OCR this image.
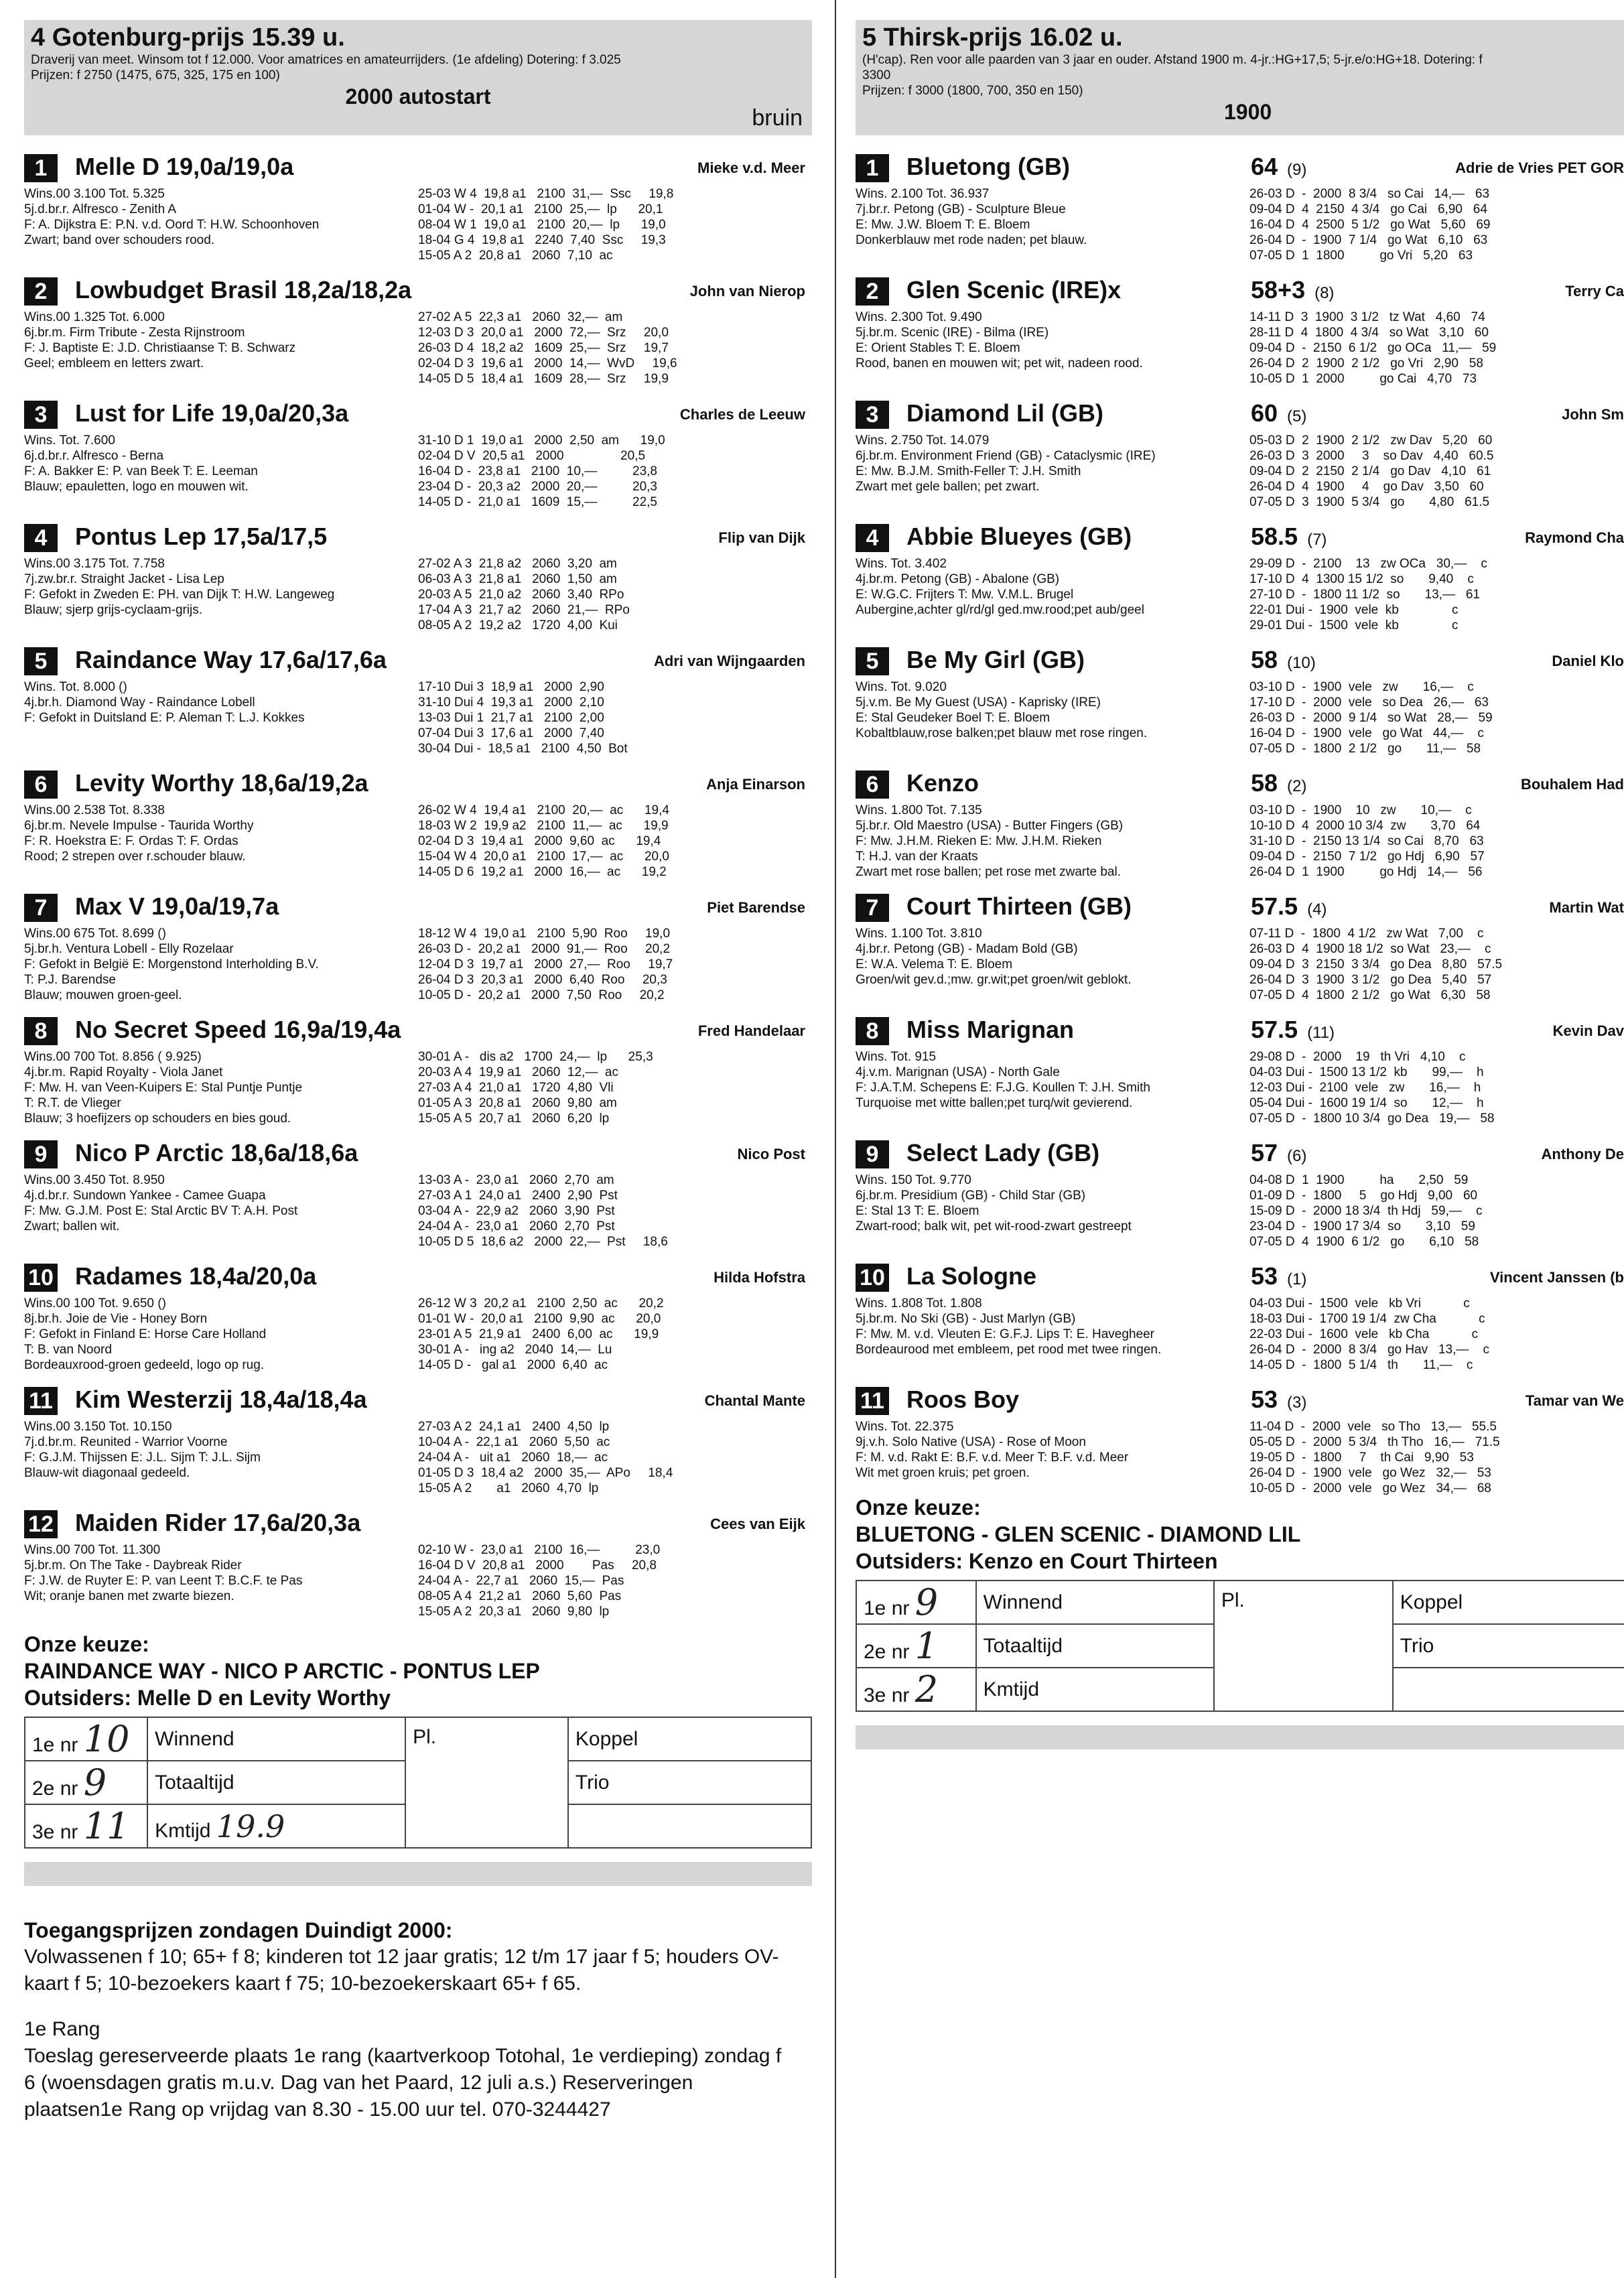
4 Gotenburg-prijs 15.39 u.
Draverij van meet. Winsom tot f 12.000. Voor amatrices en amateurrijders. (1e afdeling) Dotering: f 3.025
Prijzen: f 2750 (1475, 675, 325, 175 en 100)
2000 autostart
bruin
1	Melle D 19,0a/19,0a	Mieke v.d. Meer
Wins.00 3.100 Tot. 5.325
5j.d.br.r. Alfresco - Zenith A
F: A. Dijkstra E: P.N. v.d. Oord T: H.W. Schoonhoven
Zwart; band over schouders rood.
25-03 W 4  19,8 a1   2100  31,—  Ssc     19,8
01-04 W -  20,1 a1   2100  25,—  lp      20,1
08-04 W 1  19,0 a1   2100  20,—  lp      19,0
18-04 G 4  19,8 a1   2240  7,40  Ssc     19,3
15-05 A 2  20,8 a1   2060  7,10  ac
2	Lowbudget Brasil 18,2a/18,2a	John van Nierop
Wins.00 1.325 Tot. 6.000
6j.br.m. Firm Tribute - Zesta Rijnstroom
F: J. Baptiste E: J.D. Christiaanse T: B. Schwarz
Geel; embleem en letters zwart.
27-02 A 5  22,3 a1   2060  32,—  am
12-03 D 3  20,0 a1   2000  72,—  Srz     20,0
26-03 D 4  18,2 a2   1609  25,—  Srz     19,7
02-04 D 3  19,6 a1   2000  14,—  WvD     19,6
14-05 D 5  18,4 a1   1609  28,—  Srz     19,9
3	Lust for Life 19,0a/20,3a	Charles de Leeuw
Wins. Tot. 7.600
6j.d.br.r. Alfresco - Berna
F: A. Bakker E: P. van Beek T: E. Leeman
Blauw; epauletten, logo en mouwen wit.
31-10 D 1  19,0 a1   2000  2,50  am      19,0
02-04 D V  20,5 a1   2000                20,5
16-04 D -  23,8 a1   2100  10,—          23,8
23-04 D -  20,3 a2   2000  20,—          20,3
14-05 D -  21,0 a1   1609  15,—          22,5
4	Pontus Lep 17,5a/17,5	Flip van Dijk
Wins.00 3.175 Tot. 7.758
7j.zw.br.r. Straight Jacket - Lisa Lep
F: Gefokt in Zweden E: PH. van Dijk T: H.W. Langeweg
Blauw; sjerp grijs-cyclaam-grijs.
27-02 A 3  21,8 a2   2060  3,20  am
06-03 A 3  21,8 a1   2060  1,50  am
20-03 A 5  21,0 a2   2060  3,40  RPo
17-04 A 3  21,7 a2   2060  21,—  RPo
08-05 A 2  19,2 a2   1720  4,00  Kui
5	Raindance Way 17,6a/17,6a	Adri van Wijngaarden
Wins. Tot. 8.000 ()
4j.br.h. Diamond Way - Raindance Lobell
F: Gefokt in Duitsland E: P. Aleman T: L.J. Kokkes
17-10 Dui 3  18,9 a1   2000  2,90
31-10 Dui 4  19,3 a1   2000  2,10
13-03 Dui 1  21,7 a1   2100  2,00
07-04 Dui 3  17,6 a1   2000  7,40
30-04 Dui -  18,5 a1   2100  4,50  Bot
6	Levity Worthy 18,6a/19,2a	Anja Einarson
Wins.00 2.538 Tot. 8.338
6j.br.m. Nevele Impulse - Taurida Worthy
F: R. Hoekstra E: F. Ordas T: F. Ordas
Rood; 2 strepen over r.schouder blauw.
26-02 W 4  19,4 a1   2100  20,—  ac      19,4
18-03 W 2  19,9 a2   2100  11,—  ac      19,9
02-04 D 3  19,4 a1   2000  9,60  ac      19,4
15-04 W 4  20,0 a1   2100  17,—  ac      20,0
14-05 D 6  19,2 a1   2000  16,—  ac      19,2
7	Max V 19,0a/19,7a	Piet Barendse
Wins.00 675 Tot. 8.699 ()
5j.br.h. Ventura Lobell - Elly Rozelaar
F: Gefokt in België E: Morgenstond Interholding B.V.
T: P.J. Barendse
Blauw; mouwen groen-geel.
18-12 W 4  19,0 a1   2100  5,90  Roo     19,0
26-03 D -  20,2 a1   2000  91,—  Roo     20,2
12-04 D 3  19,7 a1   2000  27,—  Roo     19,7
26-04 D 3  20,3 a1   2000  6,40  Roo     20,3
10-05 D -  20,2 a1   2000  7,50  Roo     20,2
8	No Secret Speed 16,9a/19,4a	Fred Handelaar
Wins.00 700 Tot. 8.856 ( 9.925)
4j.br.m. Rapid Royalty - Viola Janet
F: Mw. H. van Veen-Kuipers E: Stal Puntje Puntje
T: R.T. de Vlieger
Blauw; 3 hoefijzers op schouders en bies goud.
30-01 A -   dis a2   1700  24,—  lp      25,3
20-03 A 4  19,9 a1   2060  12,—  ac
27-03 A 4  21,0 a1   1720  4,80  Vli
01-05 A 3  20,8 a1   2060  9,80  am
15-05 A 5  20,7 a1   2060  6,20  lp
9	Nico P Arctic 18,6a/18,6a	Nico Post
Wins.00 3.450 Tot. 8.950
4j.d.br.r. Sundown Yankee - Camee Guapa
F: Mw. G.J.M. Post E: Stal Arctic BV T: A.H. Post
Zwart; ballen wit.
13-03 A -  23,0 a1   2060  2,70  am
27-03 A 1  24,0 a1   2400  2,90  Pst
03-04 A -  22,9 a2   2060  3,90  Pst
24-04 A -  23,0 a1   2060  2,70  Pst
10-05 D 5  18,6 a2   2000  22,—  Pst     18,6
10 Radames 18,4a/20,0a	Hilda Hofstra
Wins.00 100 Tot. 9.650 ()
8j.br.h. Joie de Vie - Honey Born
F: Gefokt in Finland E: Horse Care Holland
T: B. van Noord
Bordeauxrood-groen gedeeld, logo op rug.
26-12 W 3  20,2 a1   2100  2,50  ac      20,2
01-01 W -  20,0 a1   2100  9,90  ac      20,0
23-01 A 5  21,9 a1   2400  6,00  ac      19,9
30-01 A -   ing a2   2040  14,—  Lu
14-05 D -   gal a1   2000  6,40  ac
11 Kim Westerzij 18,4a/18,4a	Chantal Mante
Wins.00 3.150 Tot. 10.150
7j.d.br.m. Reunited - Warrior Voorne
F: G.J.M. Thijssen E: J.L. Sijm T: J.L. Sijm
Blauw-wit diagonaal gedeeld.
27-03 A 2  24,1 a1   2400  4,50  lp
10-04 A -  22,1 a1   2060  5,50  ac
24-04 A -   uit a1   2060  18,—  ac
01-05 D 3  18,4 a2   2000  35,—  APo     18,4
15-05 A 2       a1   2060  4,70  lp
12 Maiden Rider 17,6a/20,3a	Cees van Eijk
Wins.00 700 Tot. 11.300
5j.br.m. On The Take - Daybreak Rider
F: J.W. de Ruyter E: P. van Leent T: B.C.F. te Pas
Wit; oranje banen met zwarte biezen.
02-10 W -  23,0 a1   2100  16,—          23,0
16-04 D V  20,8 a1   2000        Pas     20,8
24-04 A -  22,7 a1   2060  15,—  Pas
08-05 A 4  21,2 a1   2060  5,60  Pas
15-05 A 2  20,3 a1   2060  9,80  lp
Onze keuze:
RAINDANCE WAY - NICO P ARCTIC - PONTUS LEP
Outsiders: Melle D en Levity Worthy
1e nr 10	Winnend	Pl.	Koppel
2e nr 9	Totaaltijd		Trio
3e nr 11	Kmtijd 19.9		
Toegangsprijzen zondagen Duindigt 2000:
Volwassenen f 10; 65+ f 8; kinderen tot 12 jaar gratis; 12 t/m 17 jaar f 5; houders OV-kaart f 5; 10-bezoekers kaart f 75; 10-bezoekerskaart 65+ f 65.
1e Rang
Toeslag gereserveerde plaats 1e rang (kaartverkoop Totohal, 1e verdieping) zondag f 6 (woensdagen gratis m.u.v. Dag van het Paard, 12 juli a.s.) Reserveringen plaatsen1e Rang op vrijdag van 8.30 - 15.00 uur tel. 070-3244427
5 Thirsk-prijs 16.02 u.
(H'cap). Ren voor alle paarden van 3 jaar en ouder. Afstand 1900 m. 4-jr.:HG+17,5; 5-jr.e/o:HG+18. Dotering: f
3300
Prijzen: f 3000 (1800, 700, 350 en 150)
1900
1	Bluetong (GB)	64 (9)	Adrie de Vries PET GOR
Wins. 2.100 Tot. 36.937
7j.br.r. Petong (GB) - Sculpture Bleue
E: Mw. J.W. Bloem T: E. Bloem
Donkerblauw met rode naden; pet blauw.
26-03 D  -  2000  8 3/4   so Cai   14,—   63
09-04 D  4  2150  4 3/4   go Cai   6,90   64
16-04 D  4  2500  5 1/2   go Wat   5,60   69
26-04 D  -  1900  7 1/4   go Wat   6,10   63
07-05 D  1  1800          go Vri   5,20   63
2	Glen Scenic (IRE)x	58+3 (8)	Terry Ca
Wins. 2.300 Tot. 9.490
5j.br.m. Scenic (IRE) - Bilma (IRE)
E: Orient Stables T: E. Bloem
Rood, banen en mouwen wit; pet wit, nadeen rood.
14-11 D  3  1900  3 1/2   tz Wat   4,60   74
28-11 D  4  1800  4 3/4   so Wat   3,10   60
09-04 D  -  2150  6 1/2   go OCa   11,—   59
26-04 D  2  1900  2 1/2   go Vri   2,90   58
10-05 D  1  2000          go Cai   4,70   73
3	Diamond Lil (GB)	60 (5)	John Sm
Wins. 2.750 Tot. 14.079
6j.br.m. Environment Friend (GB) - Cataclysmic (IRE)
E: Mw. B.J.M. Smith-Feller T: J.H. Smith
Zwart met gele ballen; pet zwart.
05-03 D  2  1900  2 1/2   zw Dav   5,20   60
26-03 D  3  2000     3    so Dav   4,40   60.5
09-04 D  2  2150  2 1/4   go Dav   4,10   61
26-04 D  4  1900     4    go Dav   3,50   60
07-05 D  3  1900  5 3/4   go       4,80   61.5
4	Abbie Blueyes (GB)	58.5 (7)	Raymond Cha
Wins. Tot. 3.402
4j.br.m. Petong (GB) - Abalone (GB)
E: W.G.C. Frijters T: Mw. V.M.L. Brugel
Aubergine,achter gl/rd/gl ged.mw.rood;pet aub/geel
29-09 D  -  2100    13   zw OCa   30,—    c
17-10 D  4  1300 15 1/2  so       9,40    c
27-10 D  -  1800 11 1/2  so       13,—   61
22-01 Dui -  1900  vele  kb               c
29-01 Dui -  1500  vele  kb               c
5	Be My Girl (GB)	58 (10)	Daniel Klo
Wins. Tot. 9.020
5j.v.m. Be My Guest (USA) - Kaprisky (IRE)
E: Stal Geudeker Boel T: E. Bloem
Kobaltblauw,rose balken;pet blauw met rose ringen.
03-10 D  -  1900  vele   zw       16,—    c
17-10 D  -  2000  vele   so Dea   26,—   63
26-03 D  -  2000  9 1/4   so Wat   28,—   59
16-04 D  -  1900  vele   go Wat   44,—    c
07-05 D  -  1800  2 1/2   go       11,—   58
6	Kenzo	58 (2)	Bouhalem Had
Wins. 1.800 Tot. 7.135
5j.br.r. Old Maestro (USA) - Butter Fingers (GB)
F: Mw. J.H.M. Rieken E: Mw. J.H.M. Rieken
T: H.J. van der Kraats
Zwart met rose ballen; pet rose met zwarte bal.
03-10 D  -  1900    10   zw       10,—    c
10-10 D  4  2000 10 3/4  zw       3,70   64
31-10 D  -  2150 13 1/4  so Cai   8,70   63
09-04 D  -  2150  7 1/2   go Hdj   6,90   57
26-04 D  1  1900          go Hdj   14,—   56
7	Court Thirteen (GB)	57.5 (4)	Martin Wat
Wins. 1.100 Tot. 3.810
4j.br.r. Petong (GB) - Madam Bold (GB)
E: W.A. Velema T: E. Bloem
Groen/wit gev.d.;mw. gr.wit;pet groen/wit geblokt.
07-11 D  -  1800  4 1/2   zw Wat   7,00    c
26-03 D  4  1900 18 1/2  so Wat   23,—    c
09-04 D  3  2150  3 3/4   go Dea   8,80   57.5
26-04 D  3  1900  3 1/2   go Dea   5,40   57
07-05 D  4  1800  2 1/2   go Wat   6,30   58
8	Miss Marignan	57.5 (11)	Kevin Dav
Wins. Tot. 915
4j.v.m. Marignan (USA) - North Gale
F: J.A.T.M. Schepens E: F.J.G. Koullen T: J.H. Smith
Turquoise met witte ballen;pet turq/wit gevierend.
29-08 D  -  2000    19   th Vri   4,10    c
04-03 Dui -  1500 13 1/2  kb       99,—    h
12-03 Dui -  2100  vele   zw       16,—    h
05-04 Dui -  1600 19 1/4  so       12,—    h
07-05 D  -  1800 10 3/4  go Dea   19,—   58
9	Select Lady (GB)	57 (6)	Anthony De
Wins. 150 Tot. 9.770
6j.br.m. Presidium (GB) - Child Star (GB)
E: Stal 13 T: E. Bloem
Zwart-rood; balk wit, pet wit-rood-zwart gestreept
04-08 D  1  1900          ha       2,50   59
01-09 D  -  1800     5    go Hdj   9,00   60
15-09 D  -  2000 18 3/4  th Hdj   59,—    c
23-04 D  -  1900 17 3/4  so       3,10   59
07-05 D  4  1900  6 1/2   go       6,10   58
10 La Sologne	53 (1)	Vincent Janssen (b
Wins. 1.808 Tot. 1.808
5j.br.m. No Ski (GB) - Just Marlyn (GB)
F: Mw. M. v.d. Vleuten E: G.F.J. Lips T: E. Havegheer
Bordeaurood met embleem, pet rood met twee ringen.
04-03 Dui -  1500  vele   kb Vri            c
18-03 Dui -  1700 19 1/4  zw Cha            c
22-03 Dui -  1600  vele   kb Cha            c
26-04 D  -  2000  8 3/4   go Hav   13,—    c
14-05 D  -  1800  5 1/4   th       11,—    c
11 Roos Boy	53 (3)	Tamar van We
Wins. Tot. 22.375
9j.v.h. Solo Native (USA) - Rose of Moon
F: M. v.d. Rakt E: B.F. v.d. Meer T: B.F. v.d. Meer
Wit met groen kruis; pet groen.
11-04 D  -  2000  vele   so Tho   13,—   55.5
05-05 D  -  2000  5 3/4   th Tho   16,—   71.5
19-05 D  -  1800     7    th Cai   9,90   53
26-04 D  -  1900  vele   go Wez   32,—   53
10-05 D  -  2000  vele   go Wez   34,—   68
Onze keuze:
BLUETONG - GLEN SCENIC - DIAMOND LIL
Outsiders: Kenzo en Court Thirteen
1e nr 9	Winnend	Pl.	Koppel
2e nr 1	Totaaltijd		Trio
3e nr 2	Kmtijd		
